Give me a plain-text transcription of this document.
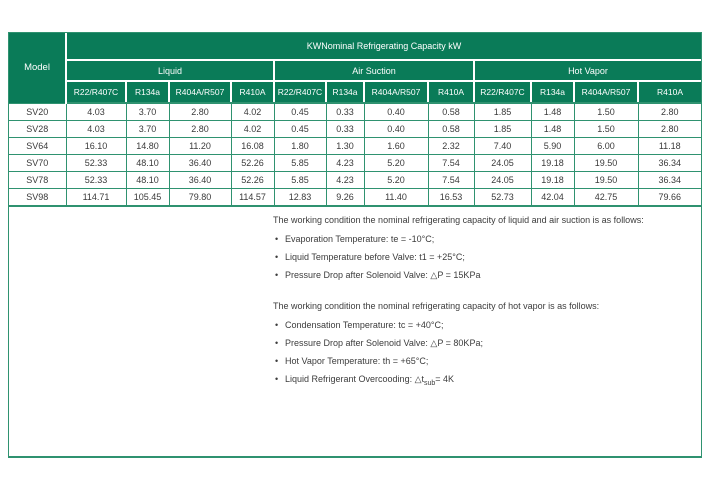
Model	KWNominal Refrigerating Capacity kW											
	Liquid				Air Suction				Hot Vapor			
	R22/R407C	R134a	R404A/R507	R410A	R22/R407C	R134a	R404A/R507	R410A	R22/R407C	R134a	R404A/R507	R410A
SV20	4.03	3.70	2.80	4.02	0.45	0.33	0.40	0.58	1.85	1.48	1.50	2.80
SV28	4.03	3.70	2.80	4.02	0.45	0.33	0.40	0.58	1.85	1.48	1.50	2.80
SV64	16.10	14.80	11.20	16.08	1.80	1.30	1.60	2.32	7.40	5.90	6.00	11.18
SV70	52.33	48.10	36.40	52.26	5.85	4.23	5.20	7.54	24.05	19.18	19.50	36.34
SV78	52.33	48.10	36.40	52.26	5.85	4.23	5.20	7.54	24.05	19.18	19.50	36.34
SV98	114.71	105.45	79.80	114.57	12.83	9.26	11.40	16.53	52.73	42.04	42.75	79.66

The working condition the nominal refrigerating capacity of liquid and air suction is as follows:

• Evaporation Temperature: te = -10°C;
• Liquid Temperature before Valve: t1 = +25°C;
• Pressure Drop after Solenoid Valve: △P = 15KPa

The working condition the nominal refrigerating capacity of hot vapor is as follows:

• Condensation Temperature: tc = +40°C;
• Pressure Drop after Solenoid Valve: △P = 80KPa;
• Hot Vapor Temperature: th = +65°C;
• Liquid Refrigerant Overcooding: $\triangle t_{sub}= 4K$
